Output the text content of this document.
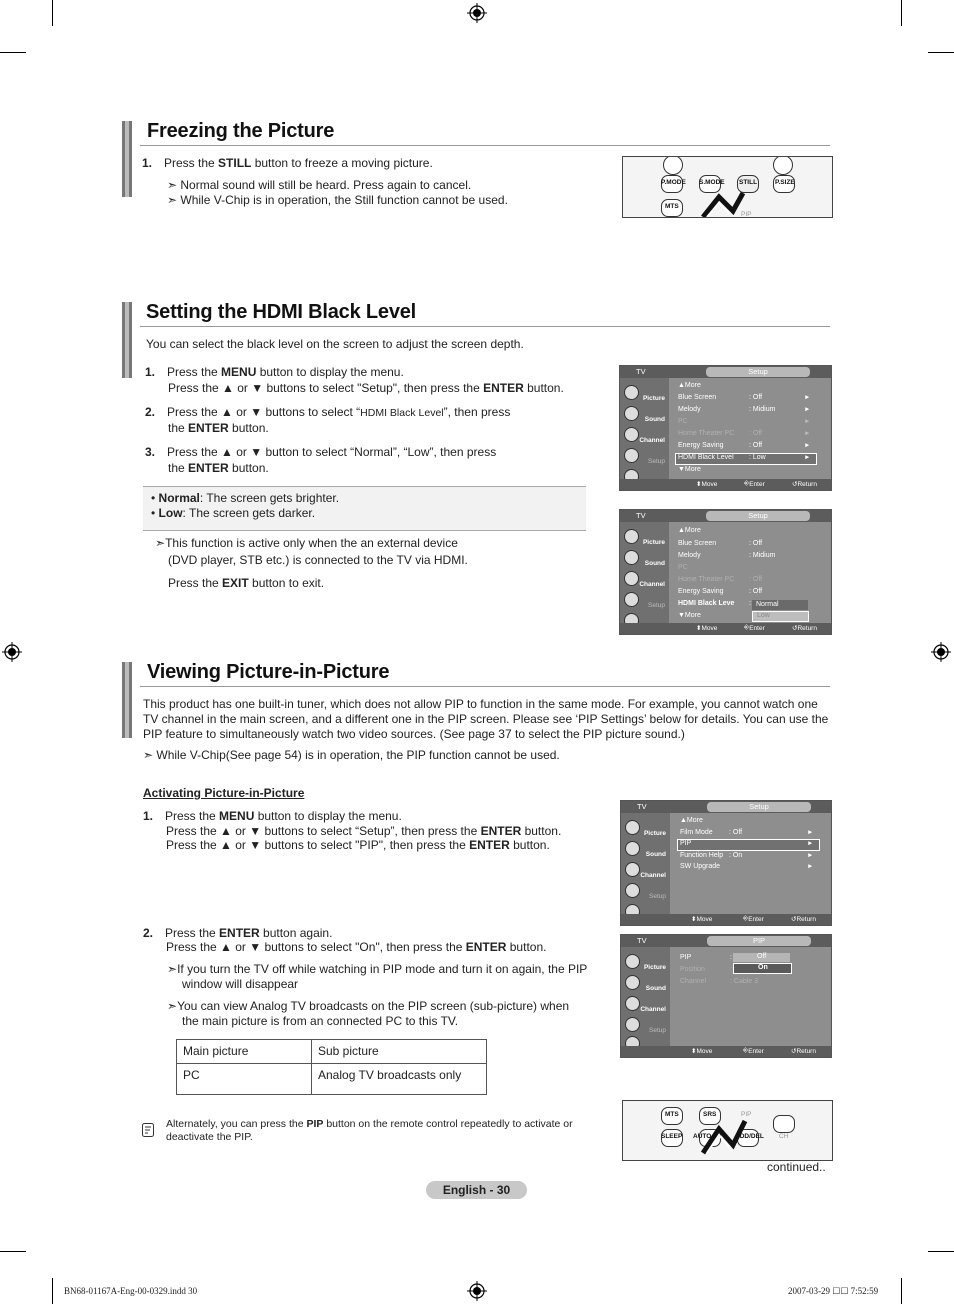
Freezing the Picture
1. Press the STILL button to freeze a moving picture.
➣ Normal sound will still be heard. Press again to cancel.
➣ While V-Chip is in operation, the Still function cannot be used.
P.MODE S.MODE STILL	P.SIZE
MTS
PIP
Setting the HDMI Black Level
You can select the black level on the screen to adjust the screen depth.
1. Press the MENU button to display the menu.
Press the ▲ or ▼ buttons to select "Setup", then press the ENTER button.
2. Press the ▲ or ▼ buttons to select “HDMI Black Level”, then press
the ENTER button.
3. Press the ▲ or ▼ button to select “Normal”, “Low”, then press
the ENTER button.
• Normal: The screen gets brighter.
• Low: The screen gets darker.
➣This function is active only when the an external device
(DVD player, STB etc.) is connected to the TV via HDMI.
Press the EXIT button to exit.
TV	Setup
Picture
Sound
Channel
Setup
▲More
Blue Screen	: Off	►
Melody	: Midium	►
PC	►
Home Theater PC : Off	►
Energy Saving	: Off	►
HDMI Black Level : Low	►
▼More
⬍ Move	⎆ Enter	↺ Return
TV	Setup
Picture
Sound
Channel
Setup
▲More
Blue Screen	: Off
Melody	: Midium
PC
Home Theater PC : Off
Energy Saving	: Off
HDMI Black Leve : Normal
Low
▼More
⬍ Move	⎆ Enter	↺ Return
Viewing Picture-in-Picture
This product has one built-in tuner, which does not allow PIP to function in the same mode. For example, you cannot watch one TV channel in the main screen, and a different one in the PIP screen. Please see ‘PIP Settings’ below for details. You can use the PIP feature to simultaneously watch two video sources. (See page 37 to select the PIP picture sound.)
➣ While V-Chip(See page 54) is in operation, the PIP function cannot be used.
Activating Picture-in-Picture
1. Press the MENU button to display the menu.
Press the ▲ or ▼ buttons to select “Setup”, then press the ENTER button.
Press the ▲ or ▼ buttons to select "PIP", then press the ENTER button.
2. Press the ENTER button again.
Press the ▲ or ▼ buttons to select "On", then press the ENTER button.
➣If you turn the TV off while watching in PIP mode and turn it on again, the PIP
window will disappear
➣You can view Analog TV broadcasts on the PIP screen (sub-picture) when
the main picture is from an connected PC to this TV.
Main picture	Sub picture
PC	Analog TV broadcasts only
Alternately, you can press the PIP button on the remote control repeatedly to activate or
deactivate the PIP.
TV	Setup
Picture
Sound
Channel
Setup
▲More
Film Mode : Off	►
PIP	►
Function Help : On	►
SW Upgrade	►
⬍ Move	⎆ Enter	↺ Return
TV	PIP
Picture
Sound
Channel
Setup
PIP	:
Position	:
Channel	: Cable 3
Off
On
⬍ Move	⎆ Enter	↺ Return
MTS	SRS	PIP
SLEEP AUTO	ADD/DEL CH
continued..
English - 30
BN68-01167A-Eng-00-0329.indd 30	2007-03-29 ☐☐ 7:52:59
